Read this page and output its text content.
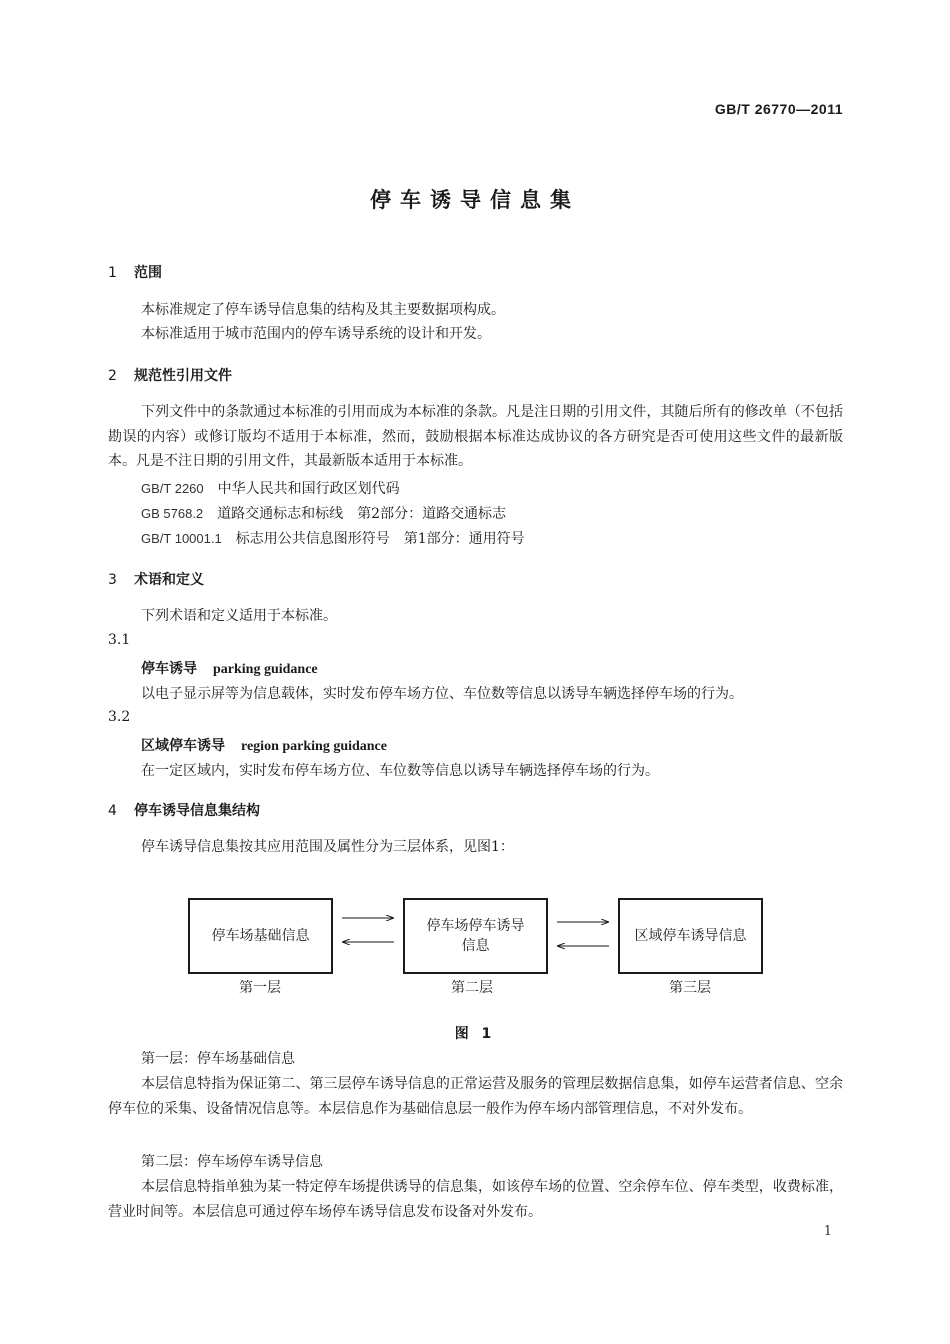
GB/T 26770—2011
停车诱导信息集
1 范围
本标准规定了停车诱导信息集的结构及其主要数据项构成。
本标准适用于城市范围内的停车诱导系统的设计和开发。
2 规范性引用文件
下列文件中的条款通过本标准的引用而成为本标准的条款。凡是注日期的引用文件，其随后所有的修改单（不包括勘误的内容）或修订版均不适用于本标准，然而，鼓励根据本标准达成协议的各方研究是否可使用这些文件的最新版本。凡是不注日期的引用文件，其最新版本适用于本标准。
GB/T 2260 中华人民共和国行政区划代码
GB 5768.2 道路交通标志和标线　第2部分：道路交通标志
GB/T 10001.1 标志用公共信息图形符号　第1部分：通用符号
3 术语和定义
下列术语和定义适用于本标准。
3.1
停车诱导 parking guidance
以电子显示屏等为信息载体，实时发布停车场方位、车位数等信息以诱导车辆选择停车场的行为。
3.2
区域停车诱导 region parking guidance
在一定区域内，实时发布停车场方位、车位数等信息以诱导车辆选择停车场的行为。
4 停车诱导信息集结构
停车诱导信息集按其应用范围及属性分为三层体系，见图1：
停车场基础信息
停车场停车诱导信息
区域停车诱导信息
第一层	第二层	第三层
图 1
第一层：停车场基础信息
本层信息特指为保证第二、第三层停车诱导信息的正常运营及服务的管理层数据信息集，如停车运营者信息、空余停车位的采集、设备情况信息等。本层信息作为基础信息层一般作为停车场内部管理信息，不对外发布。
第二层：停车场停车诱导信息
本层信息特指单独为某一特定停车场提供诱导的信息集，如该停车场的位置、空余停车位、停车类型，收费标准，营业时间等。本层信息可通过停车场停车诱导信息发布设备对外发布。
1
